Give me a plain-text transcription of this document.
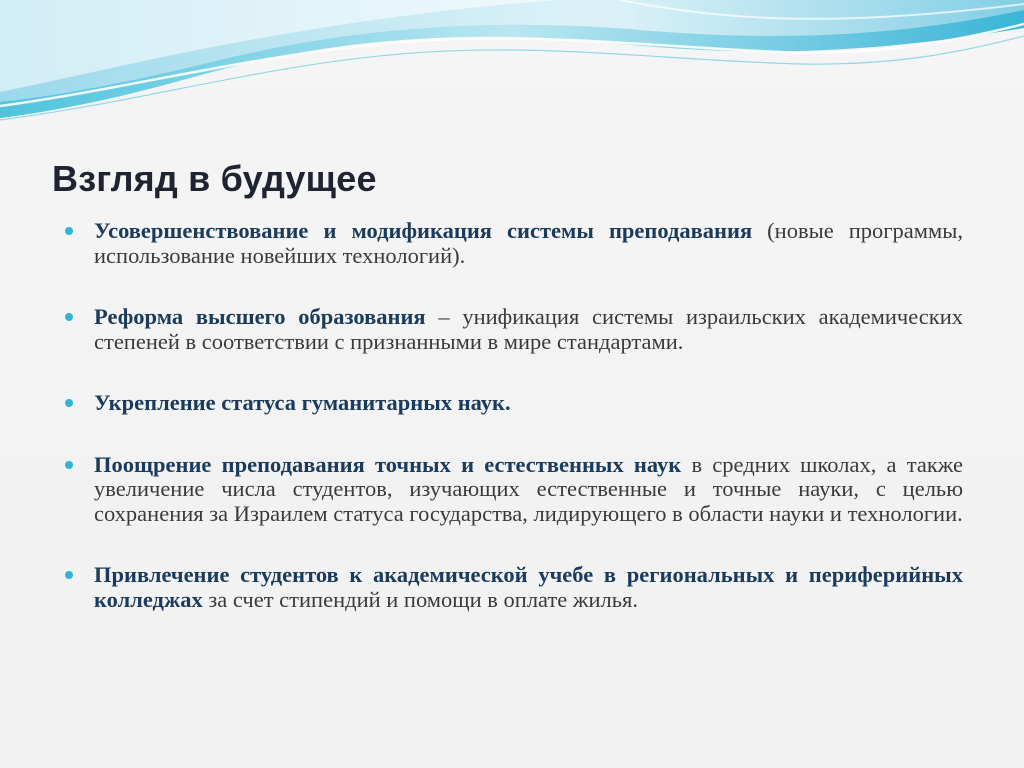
Взгляд в будущее
Усовершенствование и модификация системы преподавания (новые программы, использование новейших технологий).
Реформа высшего образования – унификация системы израильских академических степеней в соответствии с признанными в мире стандартами.
Укрепление статуса гуманитарных наук.
Поощрение преподавания точных и естественных наук в средних школах, а также увеличение числа студентов, изучающих естественные и точные науки, с целью сохранения за Израилем статуса государства, лидирующего в области науки и технологии.
Привлечение студентов к академической учебе в региональных и периферийных колледжах за счет стипендий и помощи в оплате жилья.
